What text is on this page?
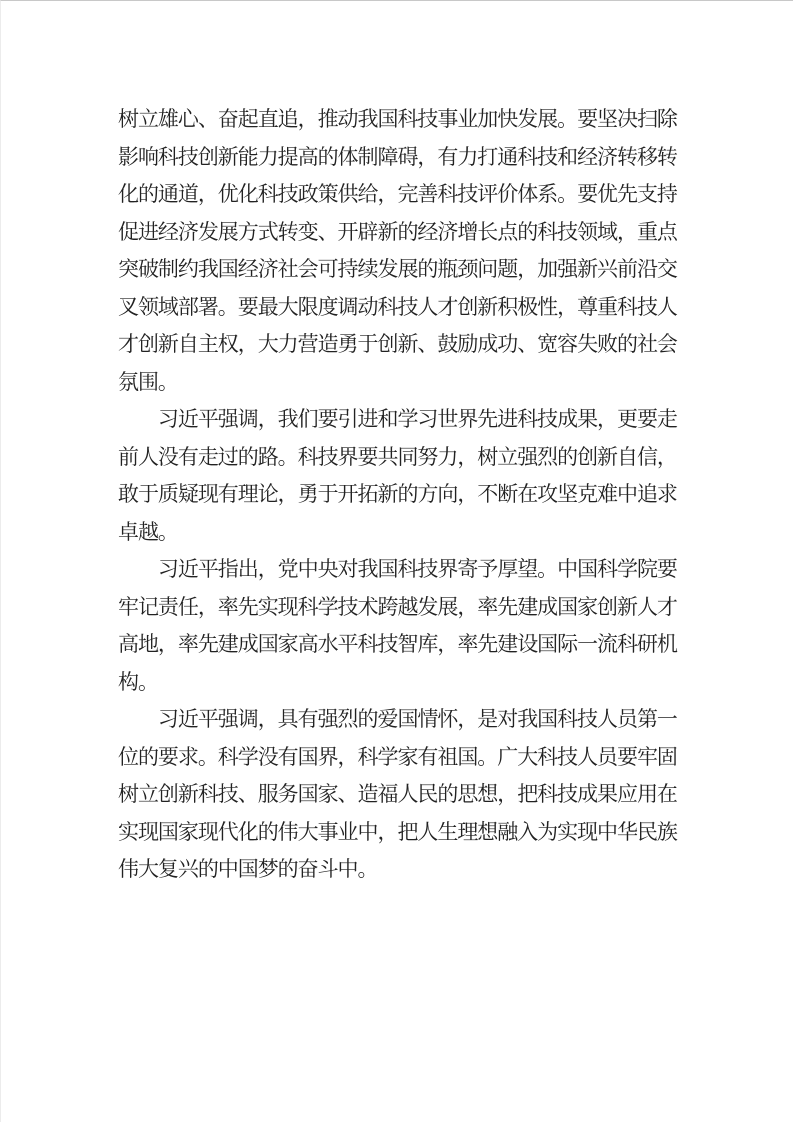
树立雄心、奋起直追，推动我国科技事业加快发展。要坚决扫除
影响科技创新能力提高的体制障碍，有力打通科技和经济转移转
化的通道，优化科技政策供给，完善科技评价体系。要优先支持
促进经济发展方式转变、开辟新的经济增长点的科技领域，重点
突破制约我国经济社会可持续发展的瓶颈问题，加强新兴前沿交
叉领域部署。要最大限度调动科技人才创新积极性，尊重科技人
才创新自主权，大力营造勇于创新、鼓励成功、宽容失败的社会
氛围。

　　习近平强调，我们要引进和学习世界先进科技成果，更要走
前人没有走过的路。科技界要共同努力，树立强烈的创新自信，
敢于质疑现有理论，勇于开拓新的方向，不断在攻坚克难中追求
卓越。

　　习近平指出，党中央对我国科技界寄予厚望。中国科学院要
牢记责任，率先实现科学技术跨越发展，率先建成国家创新人才
高地，率先建成国家高水平科技智库，率先建设国际一流科研机
构。

　　习近平强调，具有强烈的爱国情怀，是对我国科技人员第一
位的要求。科学没有国界，科学家有祖国。广大科技人员要牢固
树立创新科技、服务国家、造福人民的思想，把科技成果应用在
实现国家现代化的伟大事业中，把人生理想融入为实现中华民族
伟大复兴的中国梦的奋斗中。
